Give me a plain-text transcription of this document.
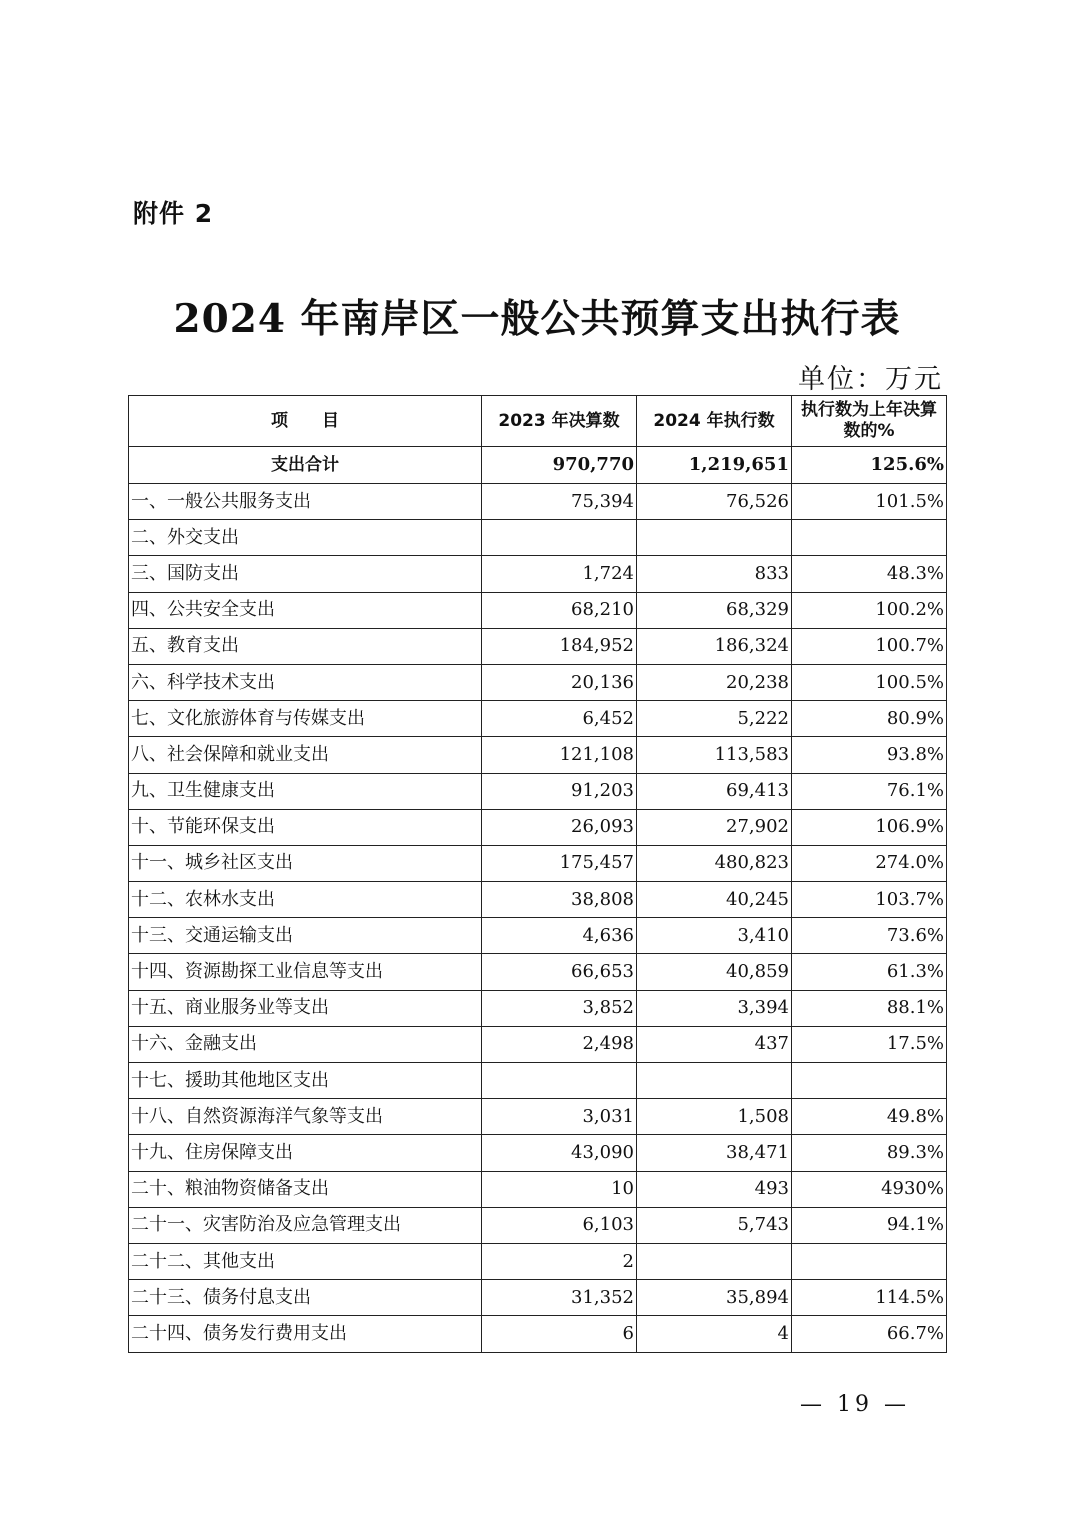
附件 2
2024 年南岸区一般公共预算支出执行表
单位：万元
项　　目	2023 年决算数	2024 年执行数	执行数为上年决算数的%
支出合计	970,770	1,219,651	125.6%
一、一般公共服务支出	75,394	76,526	101.5%
二、外交支出			
三、国防支出	1,724	833	48.3%
四、公共安全支出	68,210	68,329	100.2%
五、教育支出	184,952	186,324	100.7%
六、科学技术支出	20,136	20,238	100.5%
七、文化旅游体育与传媒支出	6,452	5,222	80.9%
八、社会保障和就业支出	121,108	113,583	93.8%
九、卫生健康支出	91,203	69,413	76.1%
十、节能环保支出	26,093	27,902	106.9%
十一、城乡社区支出	175,457	480,823	274.0%
十二、农林水支出	38,808	40,245	103.7%
十三、交通运输支出	4,636	3,410	73.6%
十四、资源勘探工业信息等支出	66,653	40,859	61.3%
十五、商业服务业等支出	3,852	3,394	88.1%
十六、金融支出	2,498	437	17.5%
十七、援助其他地区支出			
十八、自然资源海洋气象等支出	3,031	1,508	49.8%
十九、住房保障支出	43,090	38,471	89.3%
二十、粮油物资储备支出	10	493	4930%
二十一、灾害防治及应急管理支出	6,103	5,743	94.1%
二十二、其他支出	2		
二十三、债务付息支出	31,352	35,894	114.5%
二十四、债务发行费用支出	6	4	66.7%
— 19 —
